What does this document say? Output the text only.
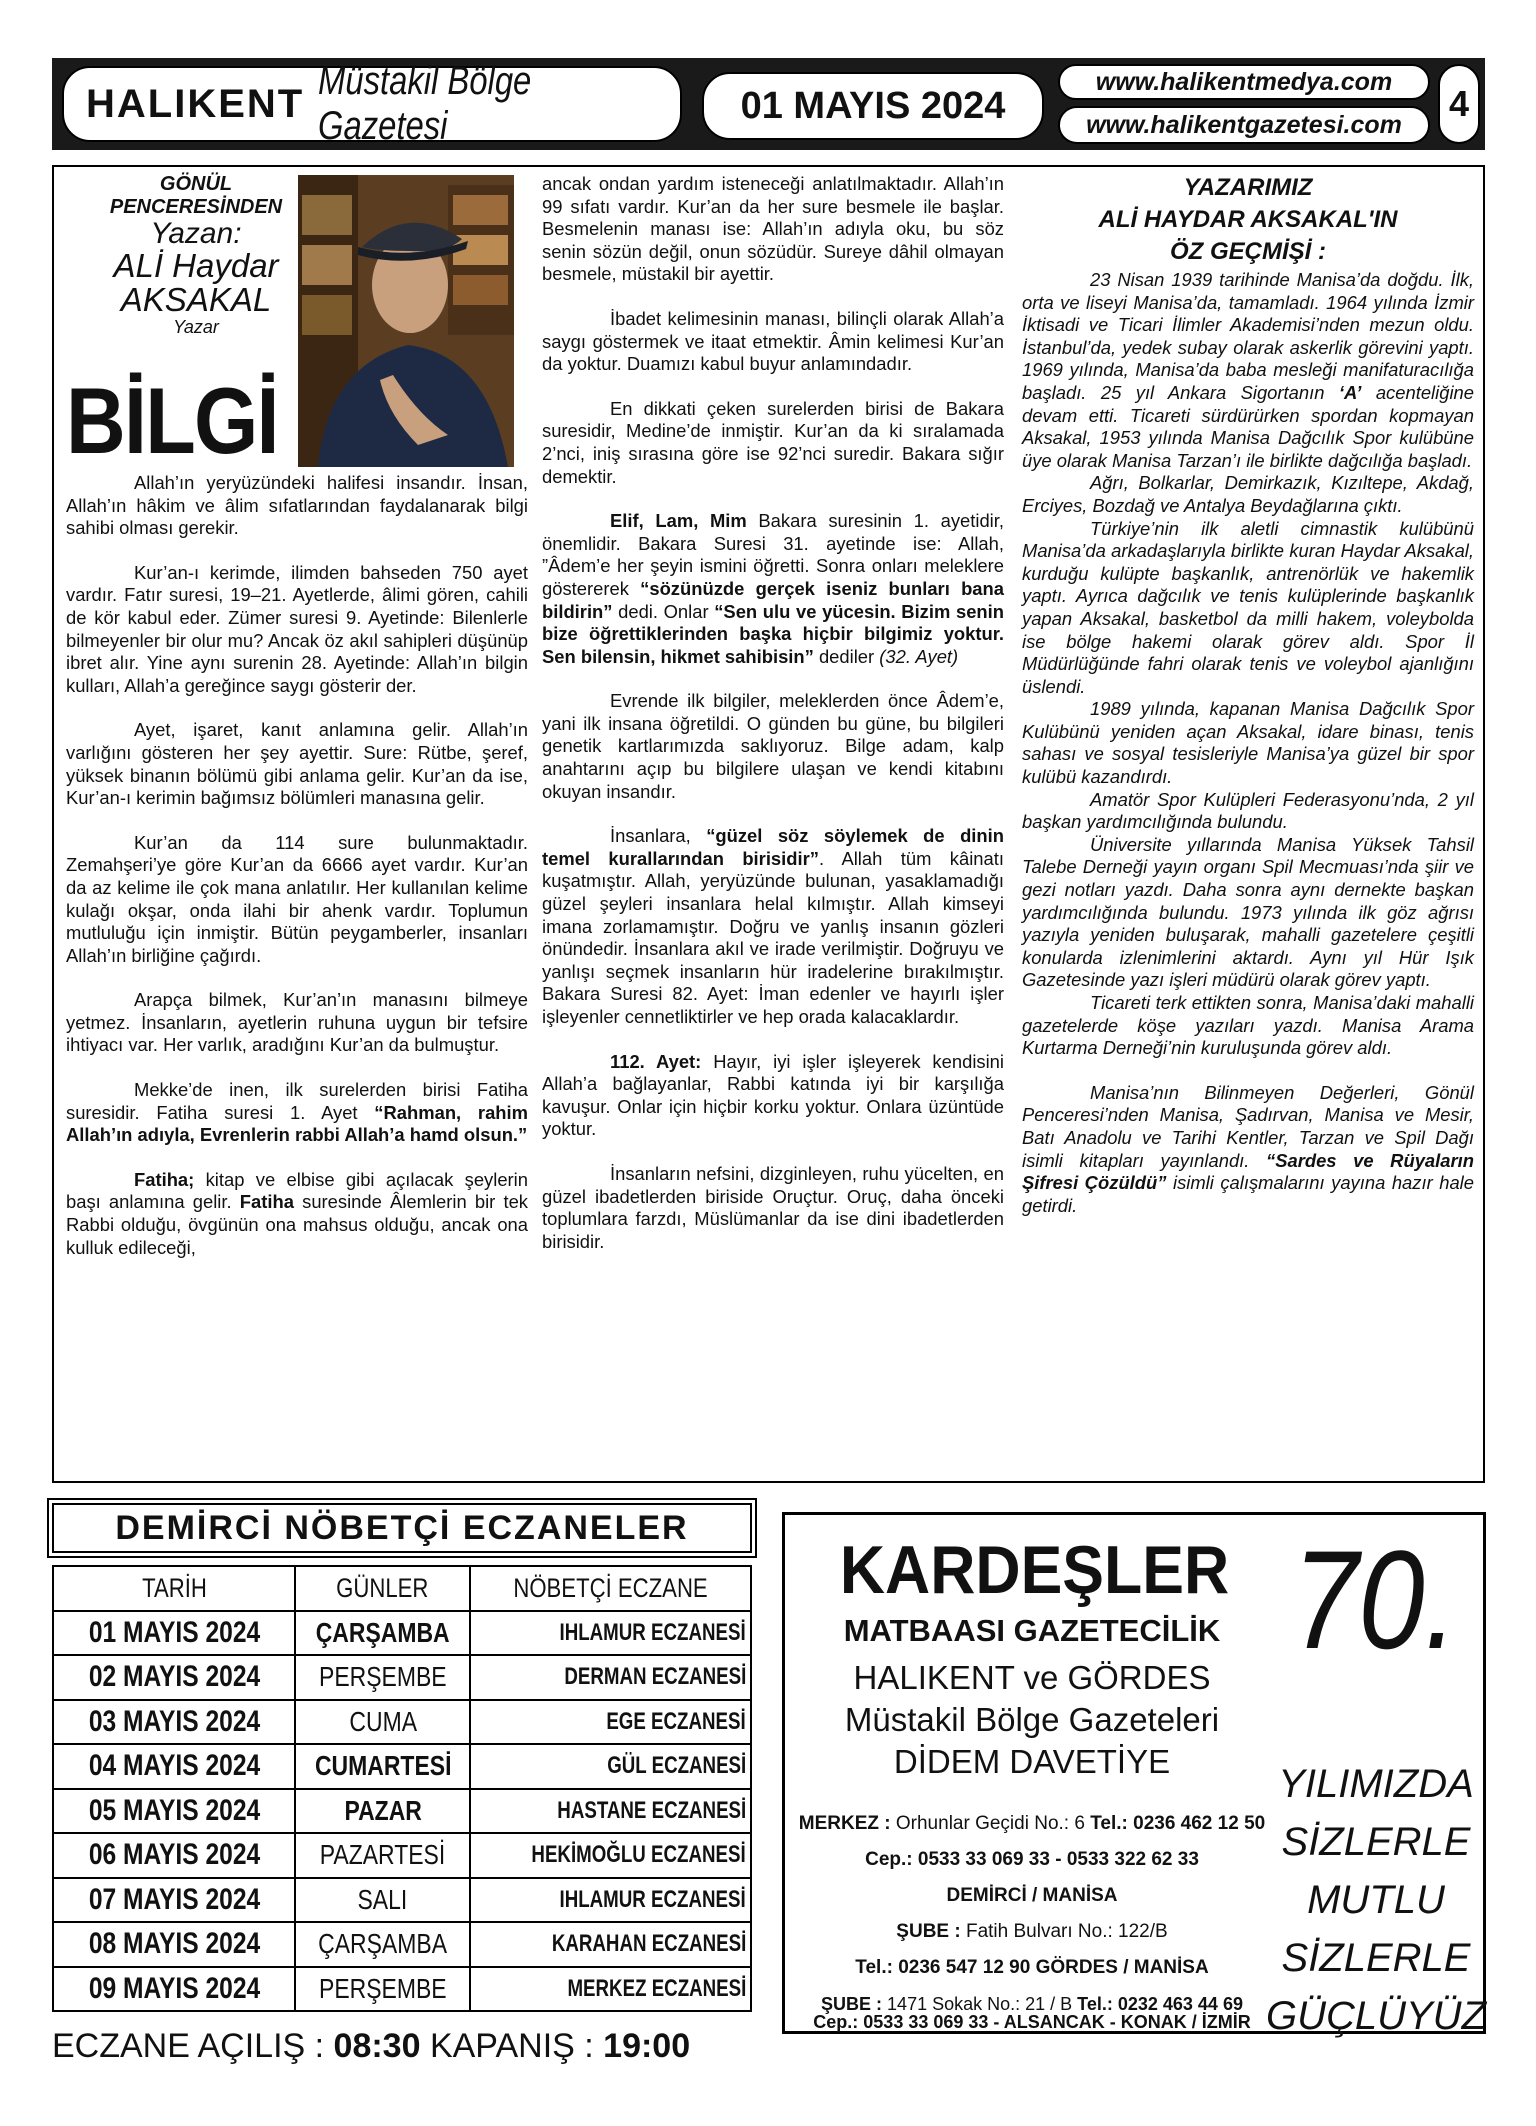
HALIKENT
Müstakil Bölge Gazetesi	01 MAYIS 2024
www.halikentmedya.com
www.halikentgazetesi.com
4
GÖNÜL
PENCERESİNDEN
Yazan:
ALİ Haydar
AKSAKAL
Yazar
BİLGİ

Allah’ın yeryüzündeki halifesi insandır. İnsan, Allah’ın hâkim ve âlim sıfatlarından faydalanarak bilgi sahibi olması gerekir.

Kur’an-ı kerimde, ilimden bahseden 750 ayet vardır. Fatır suresi, 19–21. Ayetlerde, âlimi gören, cahili de kör kabul eder. Zümer suresi 9. Ayetinde: Bilenlerle bilmeyenler bir olur mu? Ancak öz akıl sahipleri düşünüp ibret alır. Yine aynı surenin 28. Ayetinde: Allah’ın bilgin kulları, Allah’a gereğince saygı gösterir der.

Ayet, işaret, kanıt anlamına gelir. Allah’ın varlığını gösteren her şey ayettir. Sure: Rütbe, şeref, yüksek binanın bölümü gibi anlama gelir. Kur’an da ise, Kur’an-ı kerimin bağımsız bölümleri manasına gelir.

Kur’an da 114 sure bulunmaktadır. Zemahşeri’ye göre Kur’an da 6666 ayet vardır. Kur’an da az kelime ile çok mana anlatılır. Her kullanılan kelime kulağı okşar, onda ilahi bir ahenk vardır. Toplumun mutluluğu için inmiştir. Bütün peygamberler, insanları Allah’ın birliğine çağırdı.

Arapça bilmek, Kur’an’ın manasını bilmeye yetmez. İnsanların, ayetlerin ruhuna uygun bir tefsire ihtiyacı var. Her varlık, aradığını Kur’an da bulmuştur.

Mekke’de inen, ilk surelerden birisi Fatiha suresidir. Fatiha suresi 1. Ayet “Rahman, rahim Allah’ın adıyla, Evrenlerin rabbi Allah’a hamd olsun.”

Fatiha; kitap ve elbise gibi açılacak şeylerin başı anlamına gelir. Fatiha suresinde Âlemlerin bir tek Rabbi olduğu, övgünün ona mahsus olduğu, ancak ona kulluk edileceği,

ancak ondan yardım isteneceği anlatılmaktadır. Allah’ın 99 sıfatı vardır. Kur’an da her sure besmele ile başlar. Besmelenin manası ise: Allah’ın adıyla oku, bu söz senin sözün değil, onun sözüdür. Sureye dâhil olmayan besmele, müstakil bir ayettir.

İbadet kelimesinin manası, bilinçli olarak Allah’a saygı göstermek ve itaat etmektir. Âmin kelimesi Kur’an da yoktur. Duamızı kabul buyur anlamındadır.

En dikkati çeken surelerden birisi de Bakara suresidir, Medine’de inmiştir. Kur’an da ki sıralamada 2’nci, iniş sırasına göre ise 92’nci suredir. Bakara sığır demektir.

Elif, Lam, Mim Bakara suresinin 1. ayetidir, önemlidir. Bakara Suresi 31. ayetinde ise: Allah, ”Âdem’e her şeyin ismini öğretti. Sonra onları meleklere göstererek “sözünüzde gerçek iseniz bunları bana bildirin” dedi. Onlar “Sen ulu ve yücesin. Bizim senin bize öğrettiklerinden başka hiçbir bilgimiz yoktur. Sen bilensin, hikmet sahibisin” dediler (32. Ayet)

Evrende ilk bilgiler, meleklerden önce Âdem’e, yani ilk insana öğretildi. O günden bu güne, bu bilgileri genetik kartlarımızda saklıyoruz. Bilge adam, kalp anahtarını açıp bu bilgilere ulaşan ve kendi kitabını okuyan insandır.

İnsanlara, “güzel söz söylemek de dinin temel kurallarından birisidir”. Allah tüm kâinatı kuşatmıştır. Allah, yeryüzünde bulunan, yasaklamadığı güzel şeyleri insanlara helal kılmıştır. Allah kimseyi imana zorlamamıştır. Doğru ve yanlış insanın gözleri önündedir. İnsanlara akıl ve irade verilmiştir. Doğruyu ve yanlışı seçmek insanların hür iradelerine bırakılmıştır. Bakara Suresi 82. Ayet: İman edenler ve hayırlı işler işleyenler cennetliktirler ve hep orada kalacaklardır.

112. Ayet: Hayır, iyi işler işleyerek kendisini Allah’a bağlayanlar, Rabbi katında iyi bir karşılığa kavuşur. Onlar için hiçbir korku yoktur. Onlara üzüntüde yoktur.

İnsanların nefsini, dizginleyen, ruhu yücelten, en güzel ibadetlerden biriside Oruçtur. Oruç, daha önceki toplumlara farzdı, Müslümanlar da ise dini ibadetlerden birisidir.

YAZARIMIZ

ALİ HAYDAR AKSAKAL'IN

ÖZ GEÇMİŞİ :

23 Nisan 1939 tarihinde Manisa’da doğdu. İlk, orta ve liseyi Manisa’da, tamamladı. 1964 yılında İzmir İktisadi ve Ticari İlimler Akademisi’nden mezun oldu. İstanbul’da, yedek subay olarak askerlik görevini yaptı. 1969 yılında, Manisa’da baba mesleği manifaturacılığa başladı. 25 yıl Ankara Sigortanın ‘A’ acenteliğine devam etti. Ticareti sürdürürken spordan kopmayan Aksakal, 1953 yılında Manisa Dağcılık Spor kulübüne üye olarak Manisa Tarzan’ı ile birlikte dağcılığa başladı.

Ağrı, Bolkarlar, Demirkazık, Kızıltepe, Akdağ, Erciyes, Bozdağ ve Antalya Beydağlarına çıktı.

Türkiye’nin ilk aletli cimnastik kulübünü Manisa’da arkadaşlarıyla birlikte kuran Haydar Aksakal, kurduğu kulüpte başkanlık, antrenörlük ve hakemlik yaptı. Ayrıca dağcılık ve tenis kulüplerinde başkanlık yapan Aksakal, basketbol da milli hakem, voleybolda ise bölge hakemi olarak görev aldı. Spor İl Müdürlüğünde fahri olarak tenis ve voleybol ajanlığını üslendi.

1989 yılında, kapanan Manisa Dağcılık Spor Kulübünü yeniden açan Aksakal, idare binası, tenis sahası ve sosyal tesisleriyle Manisa’ya güzel bir spor kulübü kazandırdı.

Amatör Spor Kulüpleri Federasyonu’nda, 2 yıl başkan yardımcılığında bulundu.

Üniversite yıllarında Manisa Yüksek Tahsil Talebe Derneği yayın organı Spil Mecmuası’nda şiir ve gezi notları yazdı. Daha sonra aynı dernekte başkan yardımcılığında bulundu. 1973 yılında ilk göz ağrısı yazıyla yeniden buluşarak, mahalli gazetelere çeşitli konularda izlenimlerini aktardı. Aynı yıl Hür Işık Gazetesinde yazı işleri müdürü olarak görev yaptı.

Ticareti terk ettikten sonra, Manisa’daki mahalli gazetelerde köşe yazıları yazdı. Manisa Arama Kurtarma Derneği’nin kuruluşunda görev aldı.

Manisa’nın Bilinmeyen Değerleri, Gönül Penceresi’nden Manisa, Şadırvan, Manisa ve Mesir, Batı Anadolu ve Tarihi Kentler, Tarzan ve Spil Dağı isimli kitapları yayınlandı. “Sardes ve Rüyaların Şifresi Çözüldü” isimli çalışmalarını yayına hazır hale getirdi.

DEMİRCİ NÖBETÇİ ECZANELER
TARİH	GÜNLER	NÖBETÇİ ECZANE
01 MAYIS 2024	ÇARŞAMBA	IHLAMUR ECZANESİ
02 MAYIS 2024	PERŞEMBE	DERMAN ECZANESİ
03 MAYIS 2024	CUMA	EGE ECZANESİ
04 MAYIS 2024	CUMARTESİ	GÜL ECZANESİ
05 MAYIS 2024	PAZAR	HASTANE ECZANESİ
06 MAYIS 2024	PAZARTESİ	HEKİMOĞLU ECZANESİ
07 MAYIS 2024	SALI	IHLAMUR ECZANESİ
08 MAYIS 2024	ÇARŞAMBA	KARAHAN ECZANESİ
09 MAYIS 2024	PERŞEMBE	MERKEZ ECZANESİ
ECZANE AÇILIŞ : 08:30 KAPANIŞ : 19:00
KARDEŞLER
MATBAASI GAZETECİLİK
HALIKENT ve GÖRDES
Müstakil Bölge Gazeteleri
DİDEM DAVETİYE
MERKEZ : Orhunlar Geçidi No.: 6 Tel.: 0236 462 12 50
Cep.: 0533 33 069 33 - 0533 322 62 33
DEMİRCİ / MANİSA
ŞUBE : Fatih Bulvarı No.: 122/B
Tel.: 0236 547 12 90 GÖRDES / MANİSA
ŞUBE : 1471 Sokak No.: 21 / B Tel.: 0232 463 44 69
Cep.: 0533 33 069 33 - ALSANCAK - KONAK / İZMİR
70.
YILIMIZDA
SİZLERLE
MUTLU
SİZLERLE
GÜÇLÜYÜZ
